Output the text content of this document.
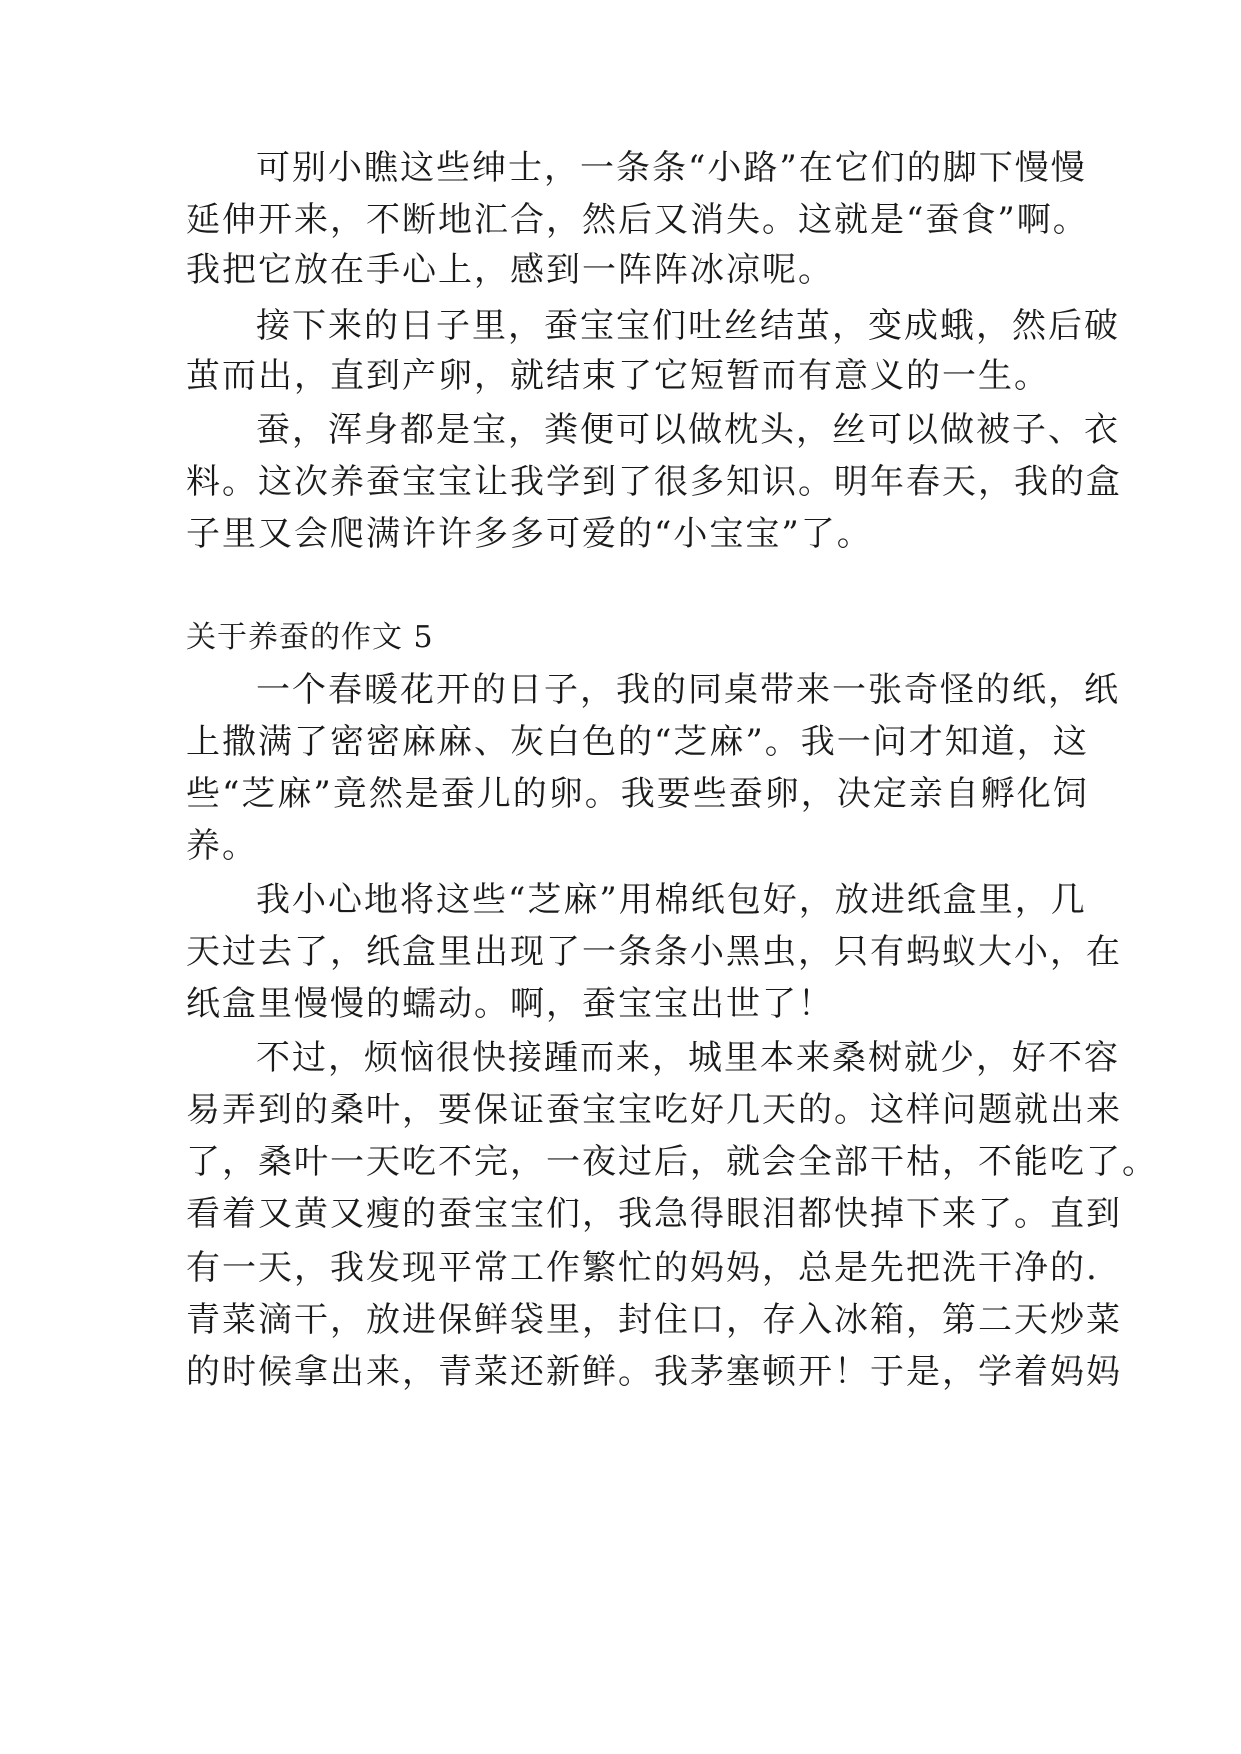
可别小瞧这些绅士，一条条“小路”在它们的脚下慢慢
延伸开来，不断地汇合，然后又消失。这就是“蚕食”啊。
我把它放在手心上，感到一阵阵冰凉呢。
接下来的日子里，蚕宝宝们吐丝结茧，变成蛾，然后破
茧而出，直到产卵，就结束了它短暂而有意义的一生。
蚕，浑身都是宝，粪便可以做枕头，丝可以做被子、衣
料。这次养蚕宝宝让我学到了很多知识。明年春天，我的盒
子里又会爬满许许多多可爱的“小宝宝”了。
关于养蚕的作文 5
一个春暖花开的日子，我的同桌带来一张奇怪的纸，纸
上撒满了密密麻麻、灰白色的“芝麻”。我一问才知道，这
些“芝麻”竟然是蚕儿的卵。我要些蚕卵，决定亲自孵化饲
养。
我小心地将这些“芝麻”用棉纸包好，放进纸盒里，几
天过去了，纸盒里出现了一条条小黑虫，只有蚂蚁大小，在
纸盒里慢慢的蠕动。啊，蚕宝宝出世了！
不过，烦恼很快接踵而来，城里本来桑树就少，好不容
易弄到的桑叶，要保证蚕宝宝吃好几天的。这样问题就出来
了，桑叶一天吃不完，一夜过后，就会全部干枯，不能吃了。
看着又黄又瘦的蚕宝宝们，我急得眼泪都快掉下来了。直到
有一天，我发现平常工作繁忙的妈妈，总是先把洗干净的.
青菜滴干，放进保鲜袋里，封住口，存入冰箱，第二天炒菜
的时候拿出来，青菜还新鲜。我茅塞顿开！于是，学着妈妈
